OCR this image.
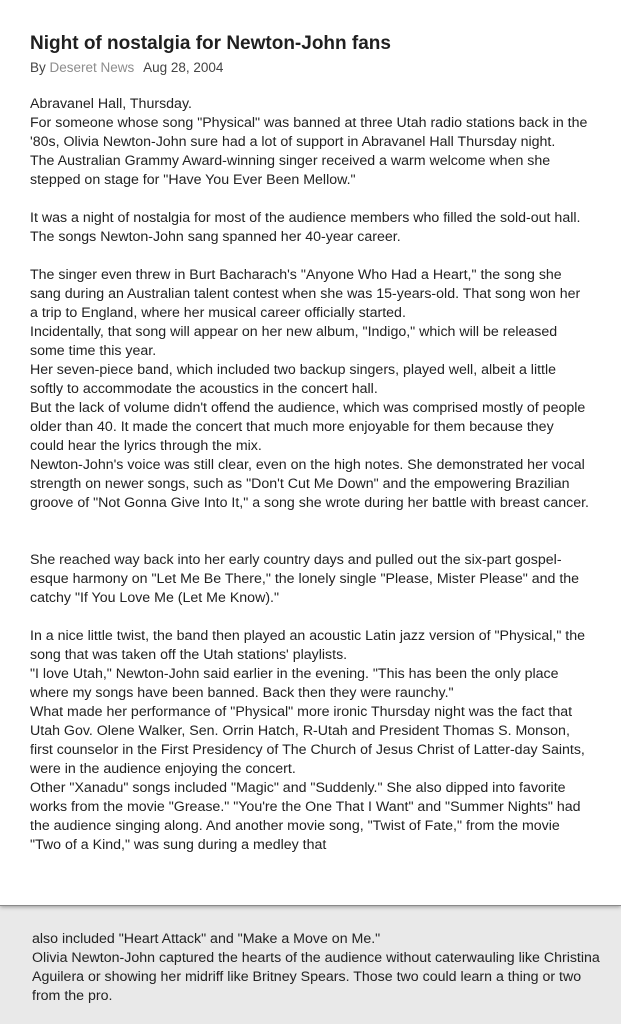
Night of nostalgia for Newton-John fans
By Deseret News Aug 28, 2004

Abravanel Hall, Thursday.

For someone whose song "Physical" was banned at three Utah radio stations back in the '80s, Olivia Newton-John sure had a lot of support in Abravanel Hall Thursday night.

The Australian Grammy Award-winning singer received a warm welcome when she stepped on stage for "Have You Ever Been Mellow."

It was a night of nostalgia for most of the audience members who filled the sold-out hall. The songs Newton-John sang spanned her 40-year career.

The singer even threw in Burt Bacharach's "Anyone Who Had a Heart," the song she sang during an Australian talent contest when she was 15-years-old. That song won her a trip to England, where her musical career officially started.

Incidentally, that song will appear on her new album, "Indigo," which will be released some time this year.

Her seven-piece band, which included two backup singers, played well, albeit a little softly to accommodate the acoustics in the concert hall.

But the lack of volume didn't offend the audience, which was comprised mostly of people older than 40. It made the concert that much more enjoyable for them because they could hear the lyrics through the mix.

Newton-John's voice was still clear, even on the high notes. She demonstrated her vocal strength on newer songs, such as "Don't Cut Me Down" and the empowering Brazilian groove of "Not Gonna Give Into It," a song she wrote during her battle with breast cancer.

She reached way back into her early country days and pulled out the six-part gospel-esque harmony on "Let Me Be There," the lonely single "Please, Mister Please" and the catchy "If You Love Me (Let Me Know)."

In a nice little twist, the band then played an acoustic Latin jazz version of "Physical," the song that was taken off the Utah stations' playlists.

"I love Utah," Newton-John said earlier in the evening. "This has been the only place where my songs have been banned. Back then they were raunchy."

What made her performance of "Physical" more ironic Thursday night was the fact that Utah Gov. Olene Walker, Sen. Orrin Hatch, R-Utah and President Thomas S. Monson, first counselor in the First Presidency of The Church of Jesus Christ of Latter-day Saints, were in the audience enjoying the concert.

Other "Xanadu" songs included "Magic" and "Suddenly." She also dipped into favorite works from the movie "Grease." "You're the One That I Want" and "Summer Nights" had the audience singing along. And another movie song, "Twist of Fate," from the movie "Two of a Kind," was sung during a medley that

also included "Heart Attack" and "Make a Move on Me."

Olivia Newton-John captured the hearts of the audience without caterwauling like Christina Aguilera or showing her midriff like Britney Spears. Those two could learn a thing or two from the pro.
